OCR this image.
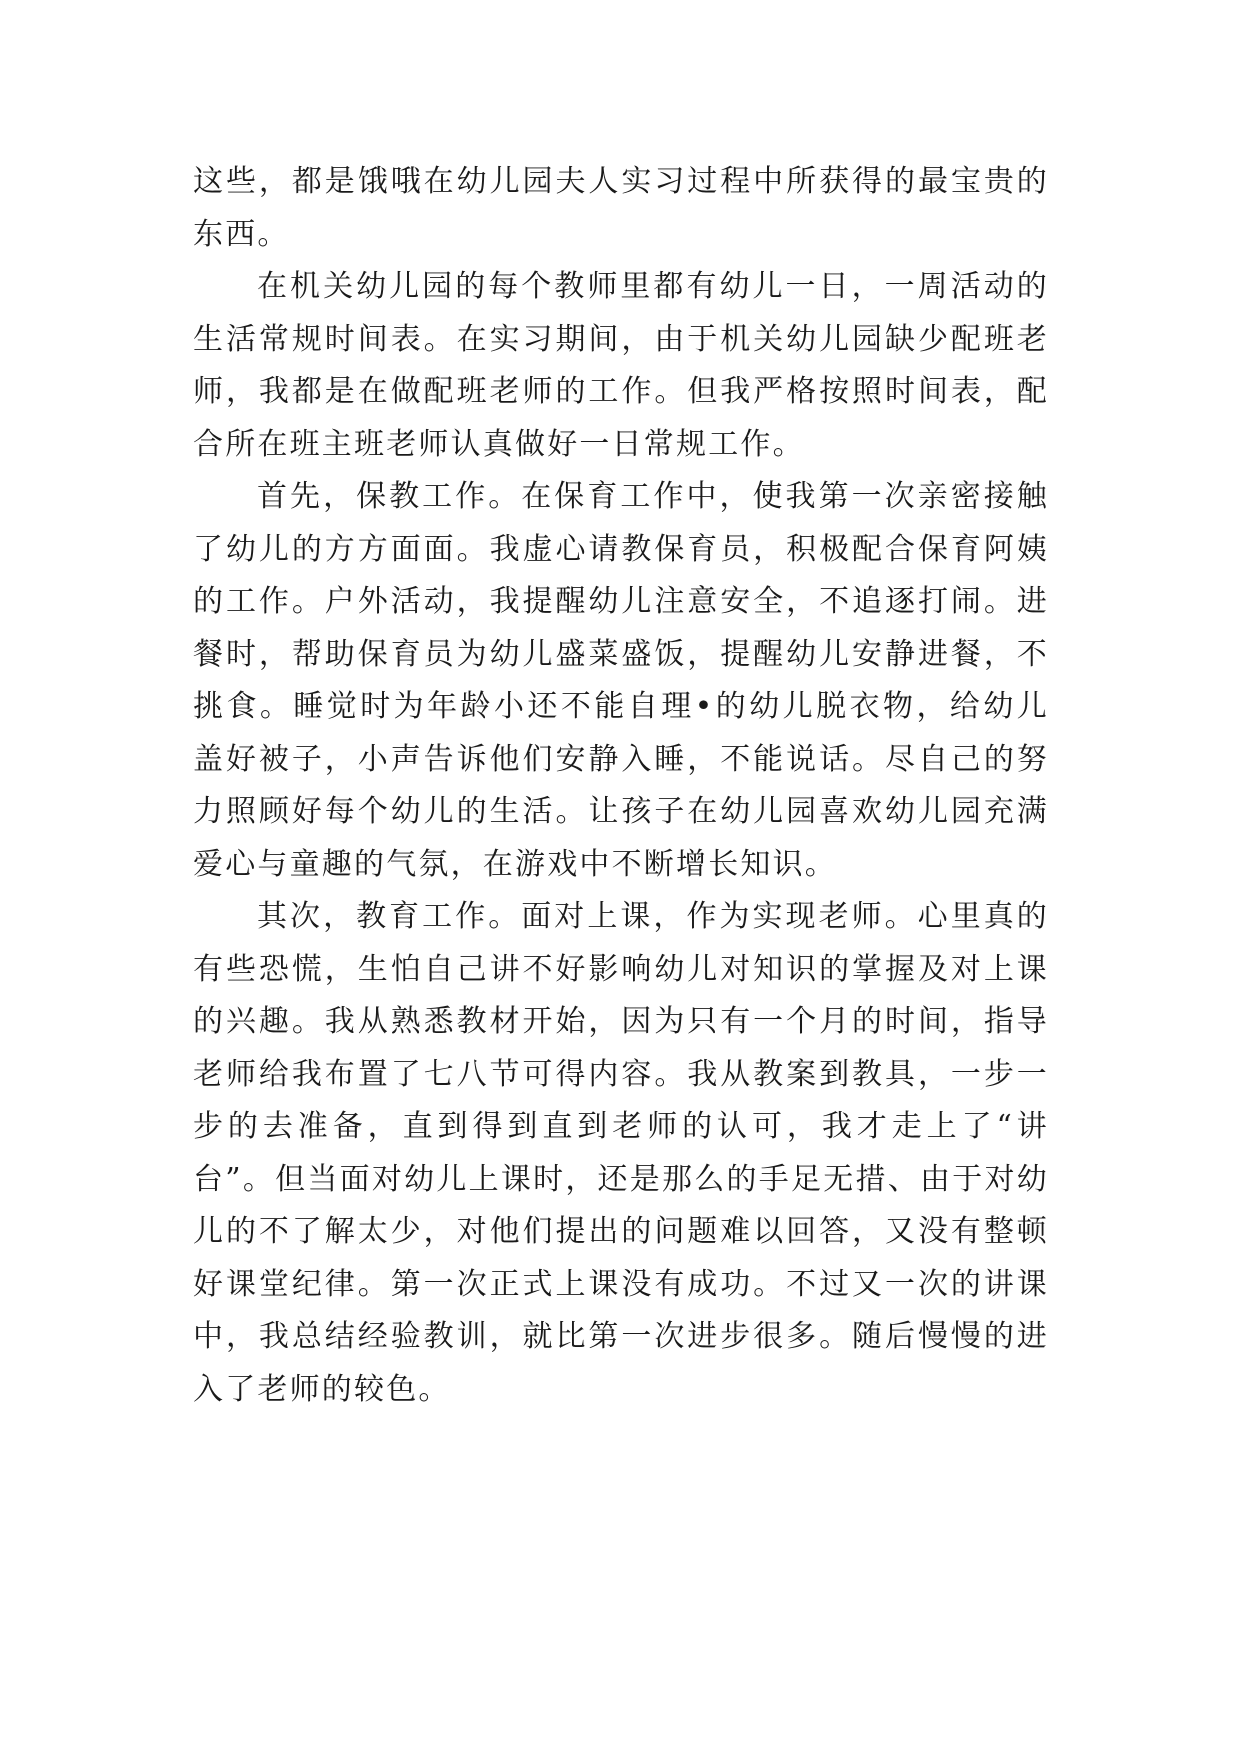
这些，都是饿哦在幼儿园夫人实习过程中所获得的最宝贵的东西。

在机关幼儿园的每个教师里都有幼儿一日，一周活动的生活常规时间表。在实习期间，由于机关幼儿园缺少配班老师，我都是在做配班老师的工作。但我严格按照时间表，配合所在班主班老师认真做好一日常规工作。

首先，保教工作。在保育工作中，使我第一次亲密接触了幼儿的方方面面。我虚心请教保育员，积极配合保育阿姨的工作。户外活动，我提醒幼儿注意安全，不追逐打闹。进餐时，帮助保育员为幼儿盛菜盛饭，提醒幼儿安静进餐，不挑食。睡觉时为年龄小还不能自理•的幼儿脱衣物，给幼儿盖好被子，小声告诉他们安静入睡，不能说话。尽自己的努力照顾好每个幼儿的生活。让孩子在幼儿园喜欢幼儿园充满爱心与童趣的气氛，在游戏中不断增长知识。

其次，教育工作。面对上课，作为实现老师。心里真的有些恐慌，生怕自己讲不好影响幼儿对知识的掌握及对上课的兴趣。我从熟悉教材开始，因为只有一个月的时间，指导老师给我布置了七八节可得内容。我从教案到教具，一步一步的去准备，直到得到直到老师的认可，我才走上了“讲台”。但当面对幼儿上课时，还是那么的手足无措、由于对幼儿的不了解太少，对他们提出的问题难以回答，又没有整顿好课堂纪律。第一次正式上课没有成功。不过又一次的讲课中，我总结经验教训，就比第一次进步很多。随后慢慢的进入了老师的较色。
